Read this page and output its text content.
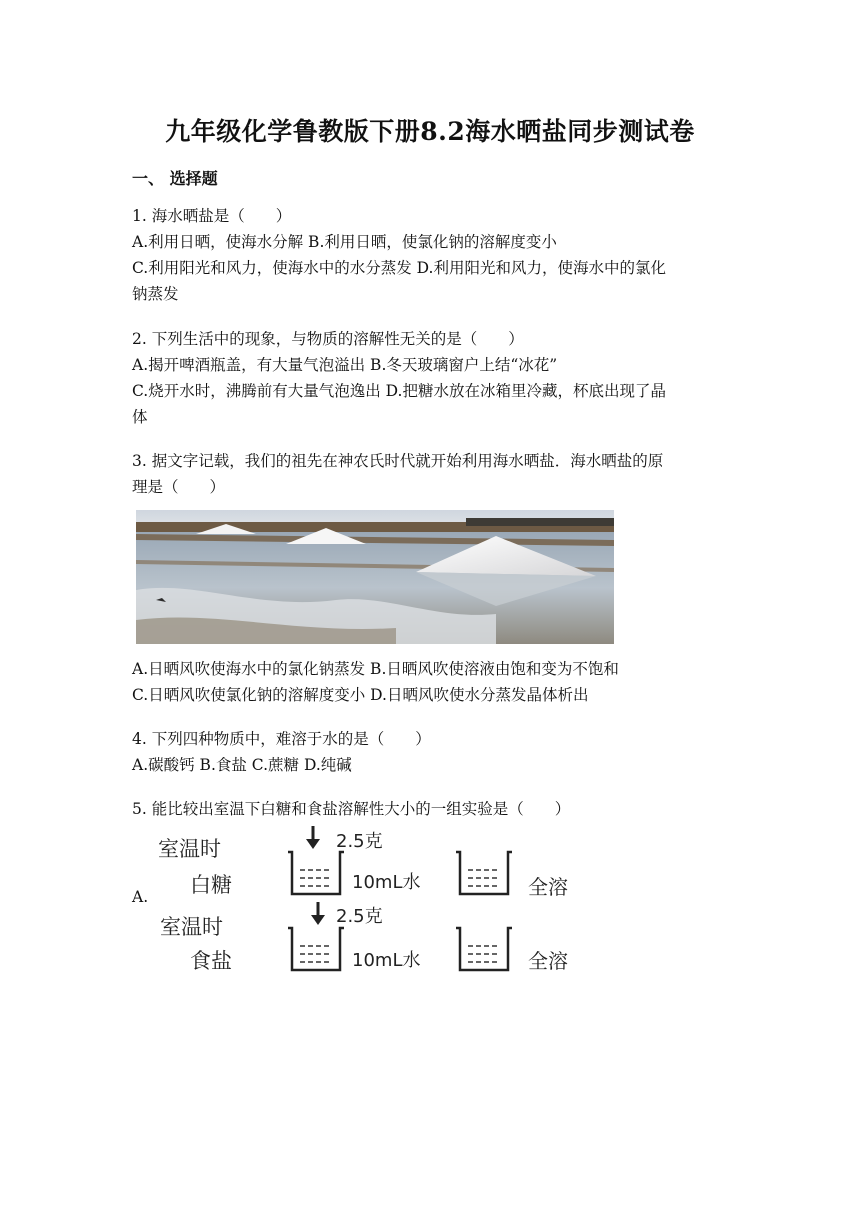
九年级化学鲁教版下册8.2海水晒盐同步测试卷
一、 选择题

1. 海水晒盐是（　　）

A.利用日晒，使海水分解 B.利用日晒，使氯化钠的溶解度变小

C.利用阳光和风力，使海水中的水分蒸发 D.利用阳光和风力，使海水中的氯化

钠蒸发

2. 下列生活中的现象，与物质的溶解性无关的是（　　）

A.揭开啤酒瓶盖，有大量气泡溢出 B.冬天玻璃窗户上结“冰花”

C.烧开水时，沸腾前有大量气泡逸出 D.把糖水放在冰箱里冷藏，杯底出现了晶

体

3. 据文字记载，我们的祖先在神农氏时代就开始利用海水晒盐．海水晒盐的原

理是（　　）

A.日晒风吹使海水中的氯化钠蒸发 B.日晒风吹使溶液由饱和变为不饱和

C.日晒风吹使氯化钠的溶解度变小 D.日晒风吹使水分蒸发晶体析出

4. 下列四种物质中，难溶于水的是（　　）

A.碳酸钙 B.食盐 C.蔗糖 D.纯碱

5. 能比较出室温下白糖和食盐溶解性大小的一组实验是（　　）

A.
室温时
白糖
2.5克
10mL水	全溶
室温时
食盐
2.5克
10mL水	全溶
